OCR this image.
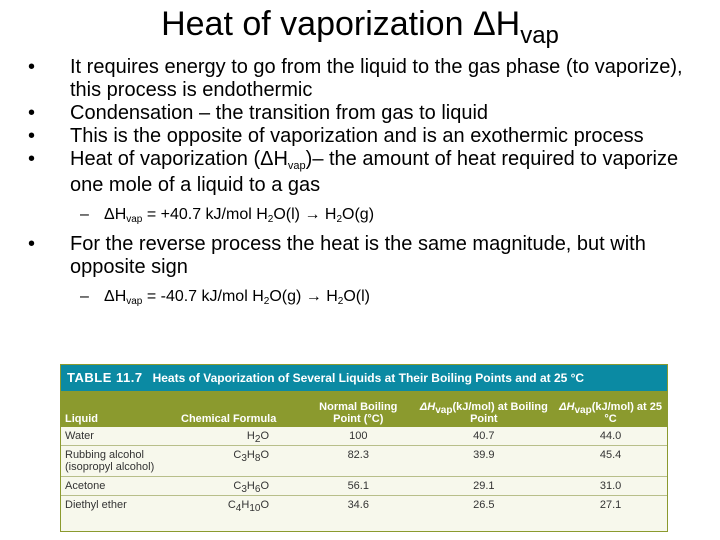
Heat of vaporization $\Delta H_{vap}$

• It requires energy to go from the liquid to the gas phase (to vaporize), this process is endothermic

• Condensation – the transition from gas to liquid

• This is the opposite of vaporization and is an exothermic process

• Heat of vaporization $(\Delta H_{vap})-$ the amount of heat required to vaporize one mole of a liquid to a gas

– ΔHvap = +40.7 kJ/mol H2O(l) → H2O(g)

• For the reverse process the heat is the same magnitude, but with opposite sign

– ΔHvap = -40.7 kJ/mol H2O(g) → H2O(l)

TABLE 11.7 Heats of Vaporization of Several Liquids at Their Boiling Points and at 25 °C
Liquid	Chemical Formula	Normal Boiling Point (°C)	ΔHvap(kJ/mol) at Boiling Point	ΔHvap(kJ/mol) at 25 °C
Water	H2O	100	40.7	44.0
Rubbing alcohol (isopropyl alcohol)	C3H8O	82.3	39.9	45.4
Acetone	C3H6O	56.1	29.1	31.0
Diethyl ether	C4H10O	34.6	26.5	27.1
